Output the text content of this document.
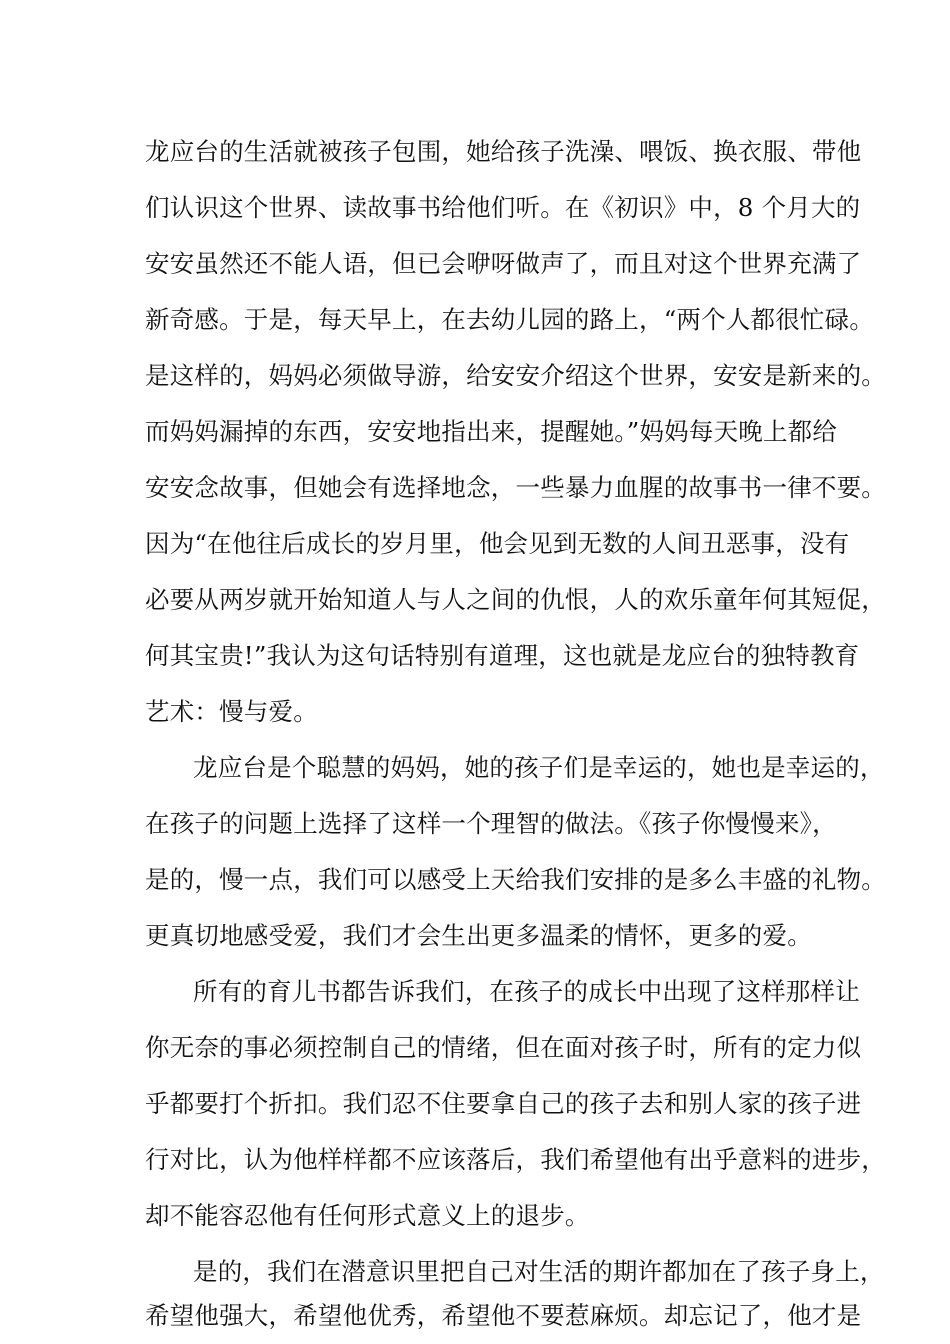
龙应台的生活就被孩子包围，她给孩子洗澡、喂饭、换衣服、带他
们认识这个世界、读故事书给他们听。在《初识》中，8 个月大的
安安虽然还不能人语，但已会咿呀做声了，而且对这个世界充满了
新奇感。于是，每天早上，在去幼儿园的路上，“两个人都很忙碌。
是这样的，妈妈必须做导游，给安安介绍这个世界，安安是新来的。
而妈妈漏掉的东西，安安地指出来，提醒她。”妈妈每天晚上都给
安安念故事，但她会有选择地念，一些暴力血腥的故事书一律不要。
因为“在他往后成长的岁月里，他会见到无数的人间丑恶事，没有
必要从两岁就开始知道人与人之间的仇恨，人的欢乐童年何其短促，
何其宝贵!”我认为这句话特别有道理，这也就是龙应台的独特教育
艺术：慢与爱。
龙应台是个聪慧的妈妈，她的孩子们是幸运的，她也是幸运的，
在孩子的问题上选择了这样一个理智的做法。《孩子你慢慢来》，
是的，慢一点，我们可以感受上天给我们安排的是多么丰盛的礼物。
更真切地感受爱，我们才会生出更多温柔的情怀，更多的爱。
所有的育儿书都告诉我们，在孩子的成长中出现了这样那样让
你无奈的事必须控制自己的情绪，但在面对孩子时，所有的定力似
乎都要打个折扣。我们忍不住要拿自己的孩子去和别人家的孩子进
行对比，认为他样样都不应该落后，我们希望他有出乎意料的进步，
却不能容忍他有任何形式意义上的退步。
是的，我们在潜意识里把自己对生活的期许都加在了孩子身上，
希望他强大，希望他优秀，希望他不要惹麻烦。却忘记了，他才是
